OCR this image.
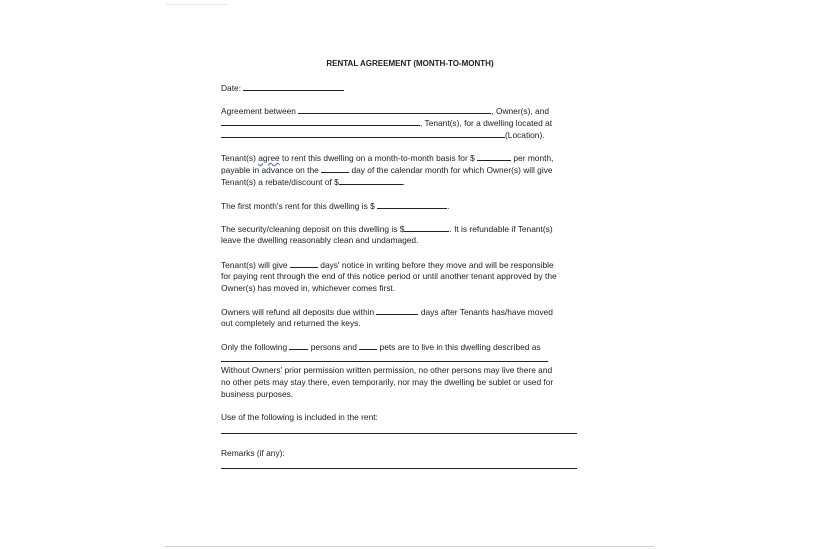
RENTAL AGREEMENT (MONTH-TO-MONTH)
Date:
Agreement between	, Owner(s), and
, Tenant(s), for a dwelling located at
(Location).
Tenant(s) agree to rent this dwelling on a month-to-month basis for $	per month,
payable in advance on the	day of the calendar month for which Owner(s) will give
Tenant(s) a rebate/discount of $	.
The first month's rent for this dwelling is $	.
The security/cleaning deposit on this dwelling is $	. It is refundable if Tenant(s)
leave the dwelling reasonably clean and undamaged.
Tenant(s) will give	days' notice in writing before they move and will be responsible
for paying rent through the end of this notice period or until another tenant approved by the
Owner(s) has moved in, whichever comes first.
Owners will refund all deposits due within	days after Tenants has/have moved
out completely and returned the keys.
Only the following	persons and	pets are to live in this dwelling described as
Without Owners' prior permission written permission, no other persons may live there and
no other pets may stay there, even temporarily, nor may the dwelling be sublet or used for
business purposes.
Use of the following is included in the rent:
Remarks (if any):
